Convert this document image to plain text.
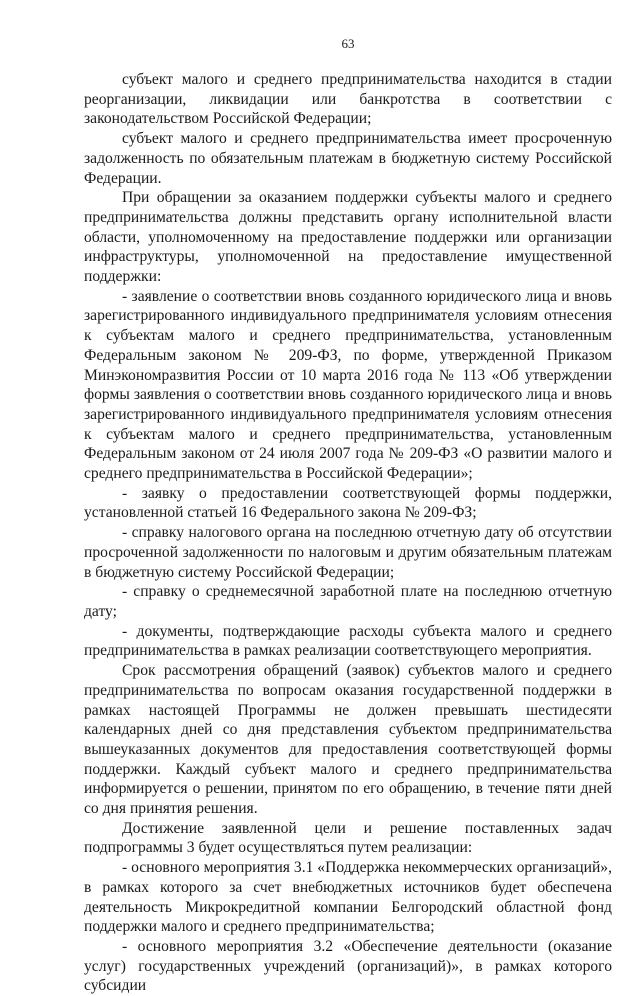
63

субъект малого и среднего предпринимательства находится в стадии реорганизации, ликвидации или банкротства в соответствии с законодательством Российской Федерации;

субъект малого и среднего предпринимательства имеет просроченную задолженность по обязательным платежам в бюджетную систему Российской Федерации.

При обращении за оказанием поддержки субъекты малого и среднего предпринимательства должны представить органу исполнительной власти области, уполномоченному на предоставление поддержки или организации инфраструктуры, уполномоченной на предоставление имущественной поддержки:

- заявление о соответствии вновь созданного юридического лица и вновь зарегистрированного индивидуального предпринимателя условиям отнесения к субъектам малого и среднего предпринимательства, установленным Федеральным законом № 209-ФЗ, по форме, утвержденной Приказом Минэкономразвития России от 10 марта 2016 года № 113 «Об утверждении формы заявления о соответствии вновь созданного юридического лица и вновь зарегистрированного индивидуального предпринимателя условиям отнесения к субъектам малого и среднего предпринимательства, установленным Федеральным законом от 24 июля 2007 года № 209-ФЗ «О развитии малого и среднего предпринимательства в Российской Федерации»;

- заявку о предоставлении соответствующей формы поддержки, установленной статьей 16 Федерального закона № 209-ФЗ;

- справку налогового органа на последнюю отчетную дату об отсутствии просроченной задолженности по налоговым и другим обязательным платежам в бюджетную систему Российской Федерации;

- справку о среднемесячной заработной плате на последнюю отчетную дату;

- документы, подтверждающие расходы субъекта малого и среднего предпринимательства в рамках реализации соответствующего мероприятия.

Срок рассмотрения обращений (заявок) субъектов малого и среднего предпринимательства по вопросам оказания государственной поддержки в рамках настоящей Программы не должен превышать шестидесяти календарных дней со дня представления субъектом предпринимательства вышеуказанных документов для предоставления соответствующей формы поддержки. Каждый субъект малого и среднего предпринимательства информируется о решении, принятом по его обращению, в течение пяти дней со дня принятия решения.

Достижение заявленной цели и решение поставленных задач подпрограммы 3 будет осуществляться путем реализации:

- основного мероприятия 3.1 «Поддержка некоммерческих организаций», в рамках которого за счет внебюджетных источников будет обеспечена деятельность Микрокредитной компании Белгородский областной фонд поддержки малого и среднего предпринимательства;

- основного мероприятия 3.2 «Обеспечение деятельности (оказание услуг) государственных учреждений (организаций)», в рамках которого субсидии
